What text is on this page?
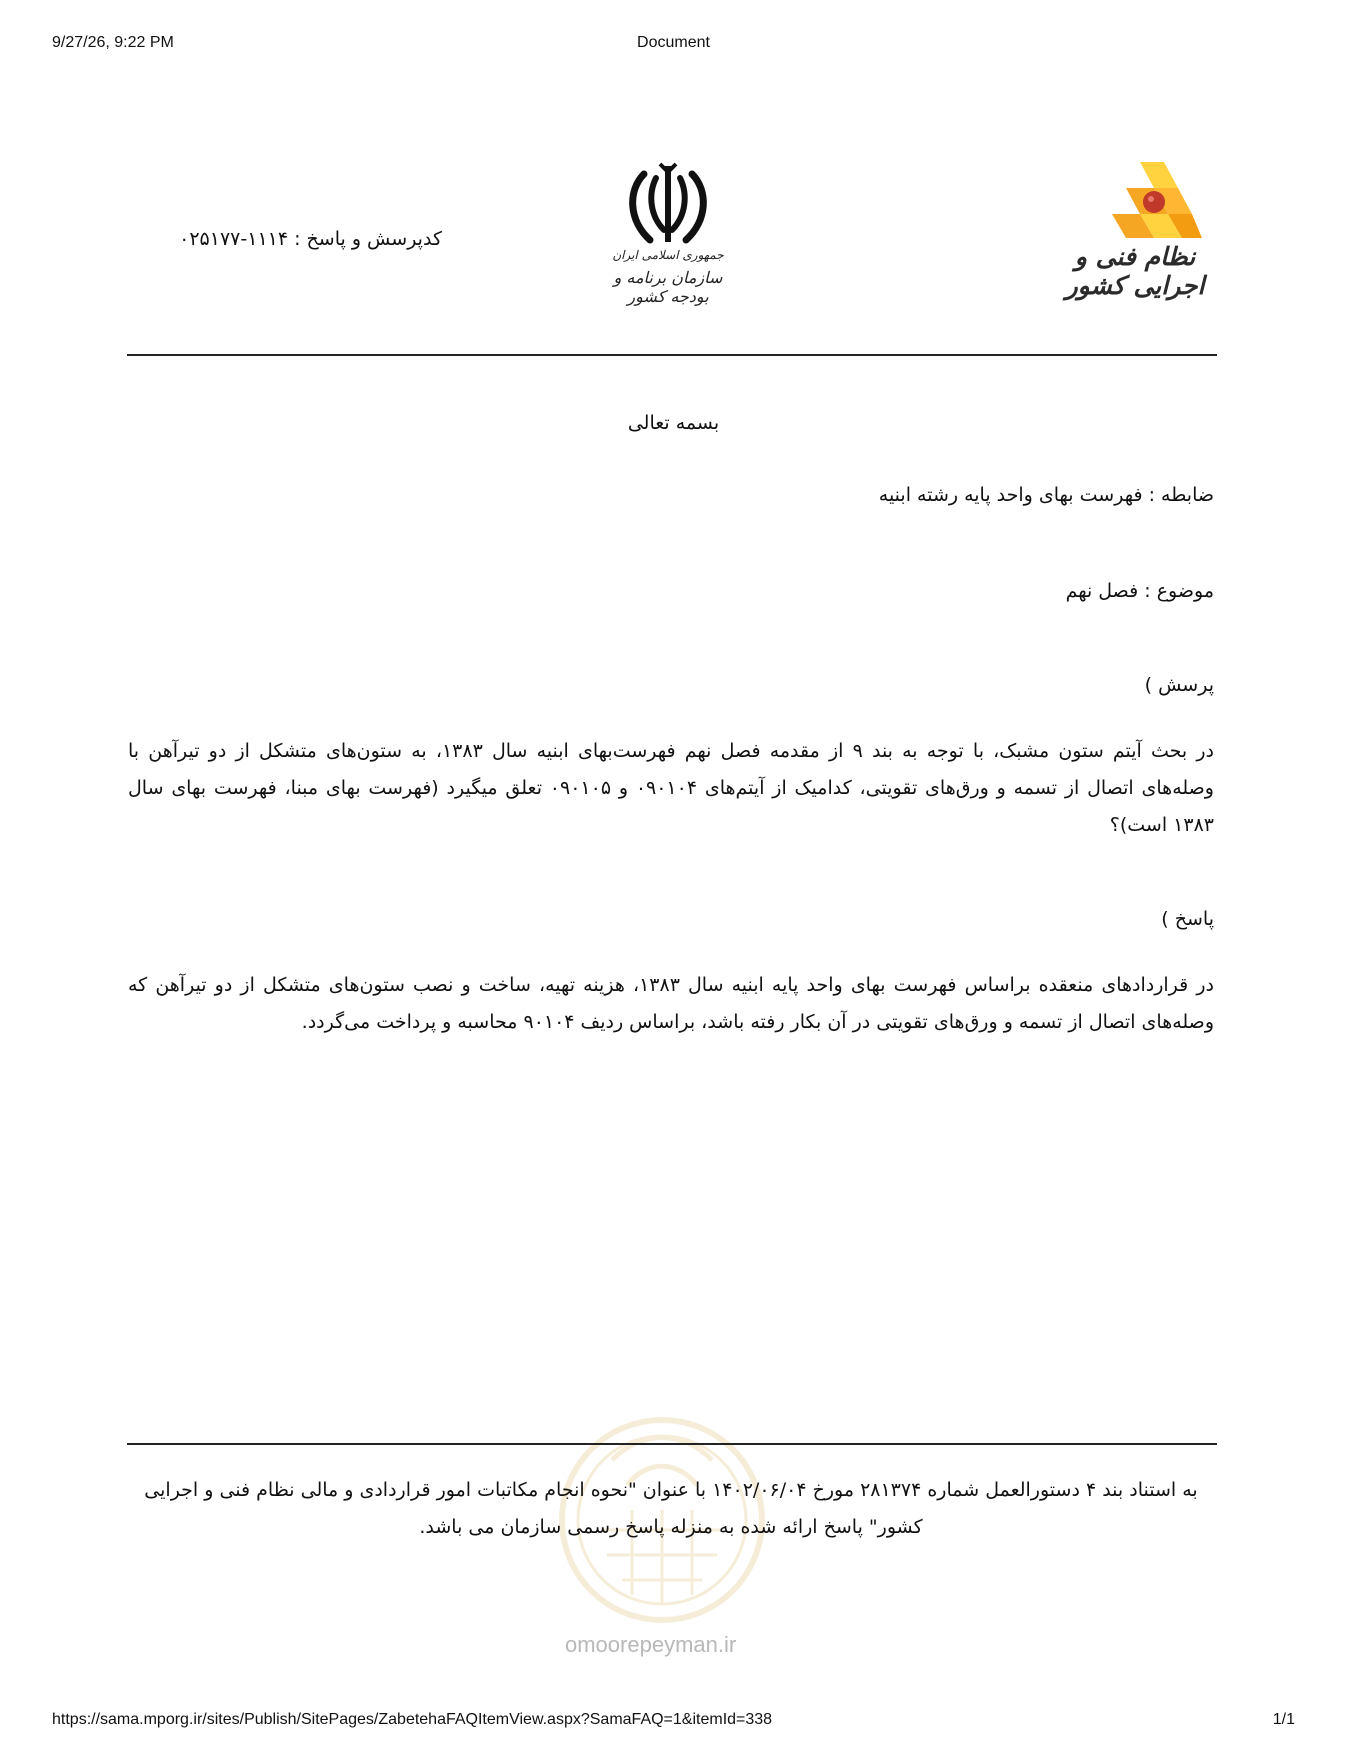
9/27/26, 9:22 PM	Document
نظام فنی و اجرایی کشور
جمهوری اسلامی ایران
سازمان برنامه و بودجه کشور
کدپرسش و پاسخ : ۱۱۱۴-۰۲۵۱۷۷
بسمه تعالی
ضابطه : فهرست بهای واحد پایه رشته ابنیه
موضوع : فصل نهم
پرسش )

در بحث آیتم ستون مشبک، با توجه به بند ۹ از مقدمه فصل نهم فهرست‌بهای ابنیه سال ۱۳۸۳، به ستون‌های متشکل از دو تیرآهن با وصله‌های اتصال از تسمه و ورق‌های تقویتی، کدامیک از آیتم‌های ۰۹۰۱۰۴ و ۰۹۰۱۰۵ تعلق میگیرد (فهرست بهای مبنا، فهرست بهای سال ۱۳۸۳ است)؟

پاسخ )

در قراردادهای منعقده براساس فهرست بهای واحد پایه ابنیه سال ۱۳۸۳، هزینه تهیه، ساخت و نصب ستون‌های متشکل از دو تیرآهن که وصله‌های اتصال از تسمه و ورق‌های تقویتی در آن بکار رفته باشد، براساس ردیف ۹۰۱۰۴ محاسبه و پرداخت می‌گردد.

به استناد بند ۴ دستورالعمل شماره ۲۸۱۳۷۴ مورخ ۱۴۰۲/۰۶/۰۴ با عنوان "نحوه انجام مکاتبات امور قراردادی و مالی نظام فنی و اجرایی کشور" پاسخ ارائه شده به منزله پاسخ رسمی سازمان می باشد.

omoorepeyman.ir
https://sama.mporg.ir/sites/Publish/SitePages/ZabetehaFAQItemView.aspx?SamaFAQ=1&itemId=338	1/1
